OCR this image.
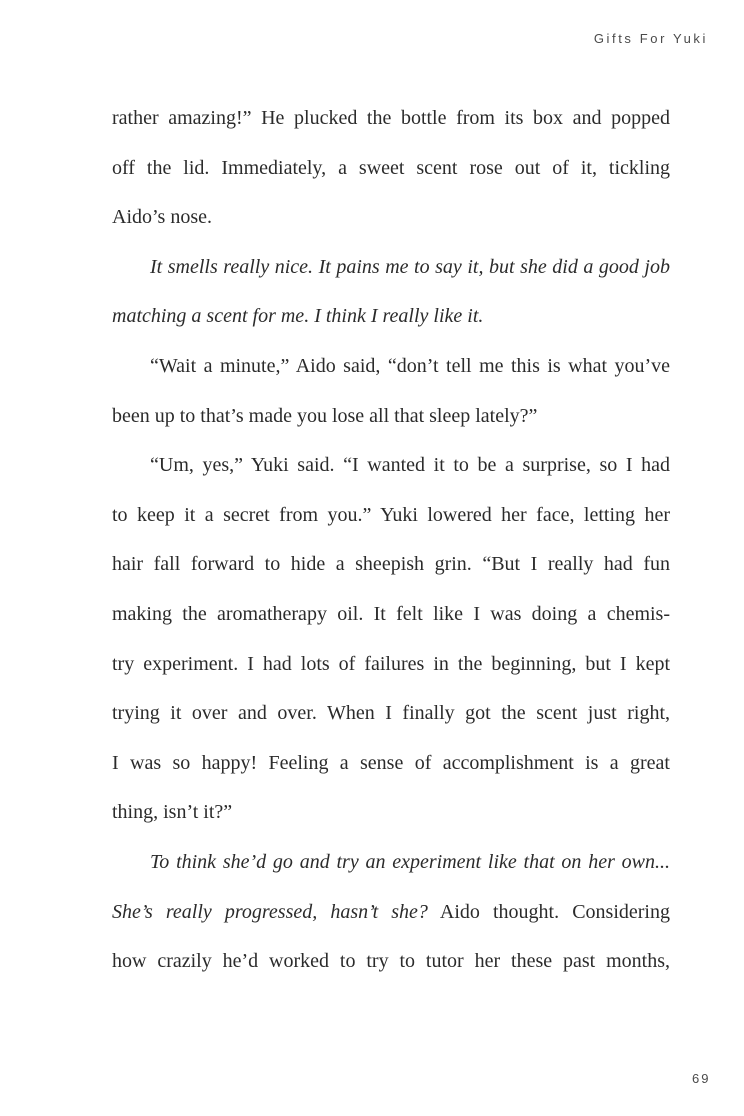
Gifts For Yuki
rather amazing!” He plucked the bottle from its box and popped
off the lid. Immediately, a sweet scent rose out of it, tickling
Aido’s nose.
It smells really nice. It pains me to say it, but she did a good job
matching a scent for me. I think I really like it.
“Wait a minute,” Aido said, “don’t tell me this is what you’ve
been up to that’s made you lose all that sleep lately?”
“Um, yes,” Yuki said. “I wanted it to be a surprise, so I had
to keep it a secret from you.” Yuki lowered her face, letting her
hair fall forward to hide a sheepish grin. “But I really had fun
making the aromatherapy oil. It felt like I was doing a chemis-
try experiment. I had lots of failures in the beginning, but I kept
trying it over and over. When I finally got the scent just right,
I was so happy! Feeling a sense of accomplishment is a great
thing, isn’t it?”
To think she’d go and try an experiment like that on her own...
She’s really progressed, hasn’t she? Aido thought. Considering
how crazily he’d worked to try to tutor her these past months,
69
